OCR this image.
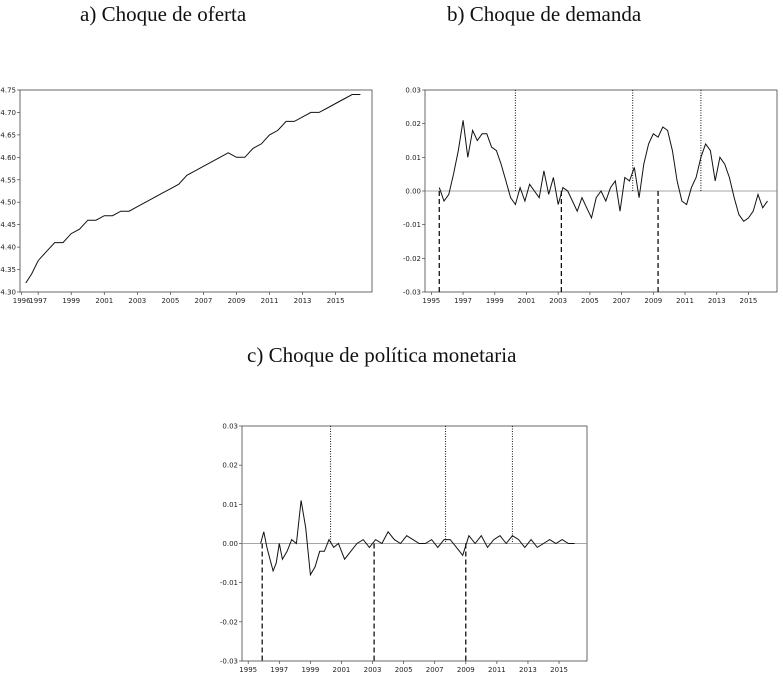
a) Choque de oferta	b) Choque de demanda
c) Choque de política monetaria
4.30
4.35
4.40
4.45
4.50
4.55
4.60
4.65
4.70
4.75
1996
1997 1999 2001 2003 2005 2007 2009 2011 2013 2015
-0.03
-0.02
-0.01
0.00
0.01
0.02
0.03
1995 1997 1999 2001 2003 2005 2007 2009 2011 2013 2015
-0.03
-0.02
-0.01
0.00
0.01
0.02
0.03
1995 1997 1999 2001 2003 2005 2007 2009 2011 2013 2015
